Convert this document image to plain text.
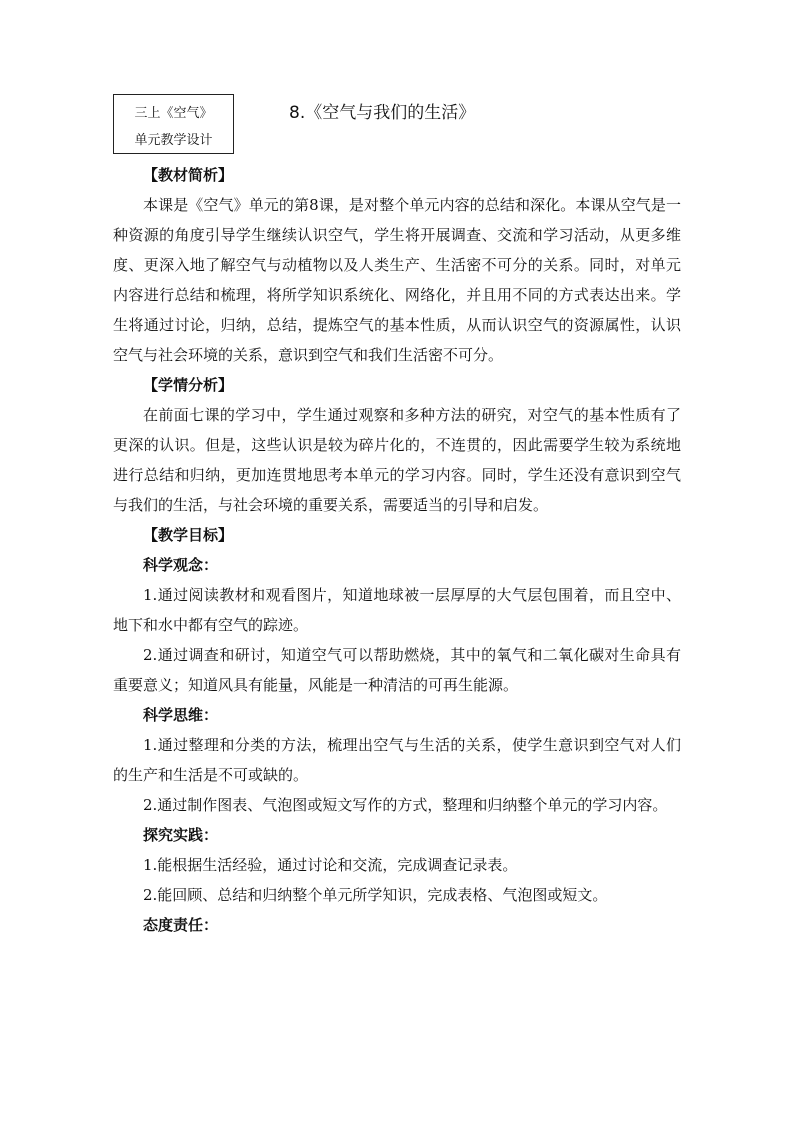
三上《空气》
单元教学设计
8.《空气与我们的生活》

【教材简析】

本课是《空气》单元的第8课，是对整个单元内容的总结和深化。本课从空气是一种资源的角度引导学生继续认识空气，学生将开展调查、交流和学习活动，从更多维度、更深入地了解空气与动植物以及人类生产、生活密不可分的关系。同时，对单元内容进行总结和梳理，将所学知识系统化、网络化，并且用不同的方式表达出来。学生将通过讨论，归纳，总结，提炼空气的基本性质，从而认识空气的资源属性，认识空气与社会环境的关系，意识到空气和我们生活密不可分。

【学情分析】

在前面七课的学习中，学生通过观察和多种方法的研究，对空气的基本性质有了更深的认识。但是，这些认识是较为碎片化的，不连贯的，因此需要学生较为系统地进行总结和归纳，更加连贯地思考本单元的学习内容。同时，学生还没有意识到空气与我们的生活，与社会环境的重要关系，需要适当的引导和启发。

【教学目标】

科学观念：

1.通过阅读教材和观看图片，知道地球被一层厚厚的大气层包围着，而且空中、地下和水中都有空气的踪迹。

2.通过调查和研讨，知道空气可以帮助燃烧，其中的氧气和二氧化碳对生命具有重要意义；知道风具有能量，风能是一种清洁的可再生能源。

科学思维：

1.通过整理和分类的方法，梳理出空气与生活的关系，使学生意识到空气对人们的生产和生活是不可或缺的。

2.通过制作图表、气泡图或短文写作的方式，整理和归纳整个单元的学习内容。

探究实践：

1.能根据生活经验，通过讨论和交流，完成调查记录表。

2.能回顾、总结和归纳整个单元所学知识，完成表格、气泡图或短文。

态度责任：
